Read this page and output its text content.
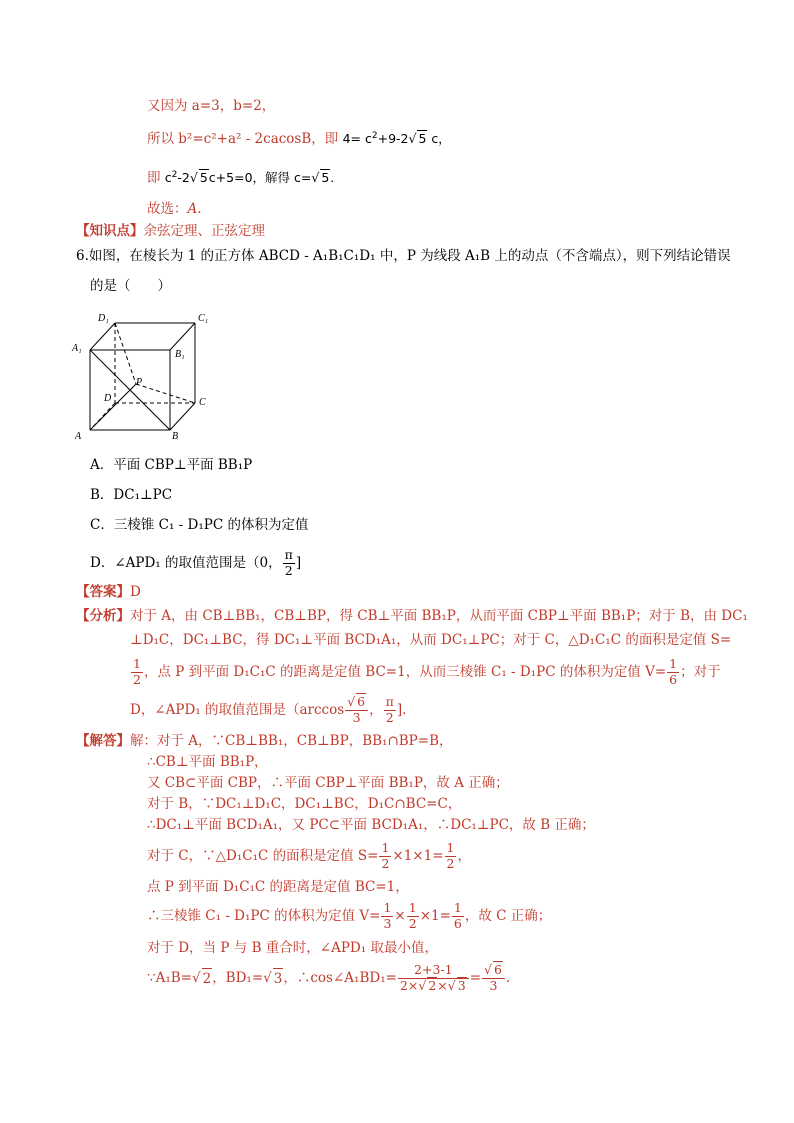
又因为 a=3，b=2，
所以 b²=c²+a² - 2cacosB，即 $4= c^2+9-2√$ 5 c，
即 $c^2-2√$ 5c+5=0，解得 c=√ 5.
故选：A.
【知识点】余弦定理、正弦定理
6.如图，在棱长为 1 的正方体 ABCD - A₁B₁C₁D₁ 中，P 为线段 A₁B 上的动点（不含端点），则下列结论错误
的是（　　）
D₁	C₁
A₁
B₁
D
P
C
A	B
A．平面 CBP⊥平面 BB₁P
B．DC₁⊥PC
C．三棱锥 C₁ - D₁PC 的体积为定值
D．∠APD₁ 的取值范围是（0， $\frac{\pi}{2}$ ]
【答案】D
【分析】对于 A，由 CB⊥BB₁，CB⊥BP，得 CB⊥平面 BB₁P，从而平面 CBP⊥平面 BB₁P；对于 B，由 DC₁
⊥D₁C，DC₁⊥BC，得 DC₁⊥平面 BCD₁A₁，从而 DC₁⊥PC；对于 C，△D₁C₁C 的面积是定值 S=
$\frac{1}{2}$ ，点 P 到平面 D₁C₁C 的距离是定值 BC=1，从而三棱锥 C₁ - D₁PC 的体积为定值 $V= \frac{1}{6}$ ；对于
D，∠APD₁ 的取值范围是（$\arccos \frac{√ 6}{3}$ ， $\frac{\pi}{2}$ ].
【解答】解：对于 A，∵CB⊥BB₁，CB⊥BP，BB₁∩BP=B，
∴CB⊥平面 BB₁P，
又 CB⊂平面 CBP，∴平面 CBP⊥平面 BB₁P，故 A 正确；
对于 B，∵DC₁⊥D₁C，DC₁⊥BC，D₁C∩BC=C，
∴DC₁⊥平面 BCD₁A₁，又 PC⊂平面 BCD₁A₁，∴DC₁⊥PC，故 B 正确；
对于 C，∵△D₁C₁C 的面积是定值 $S= \frac{1}{2} \times 1\times 1= \frac{1}{2}$ ，
点 P 到平面 D₁C₁C 的距离是定值 BC=1，
∴三棱锥 C₁ - D₁PC 的体积为定值 $V= \frac{1}{3} \times \frac{1}{2} \times 1= \frac{1}{6}$ ，故 C 正确；
对于 D，当 P 与 B 重合时，∠APD₁ 取最小值，
∵A₁B= √ 2 ，BD₁= √ 3 ，∴cos∠A₁BD₁= $\frac{2+3-1}{2\times√ 2\times√ 3} = \frac{√ 6}{3}$ .
